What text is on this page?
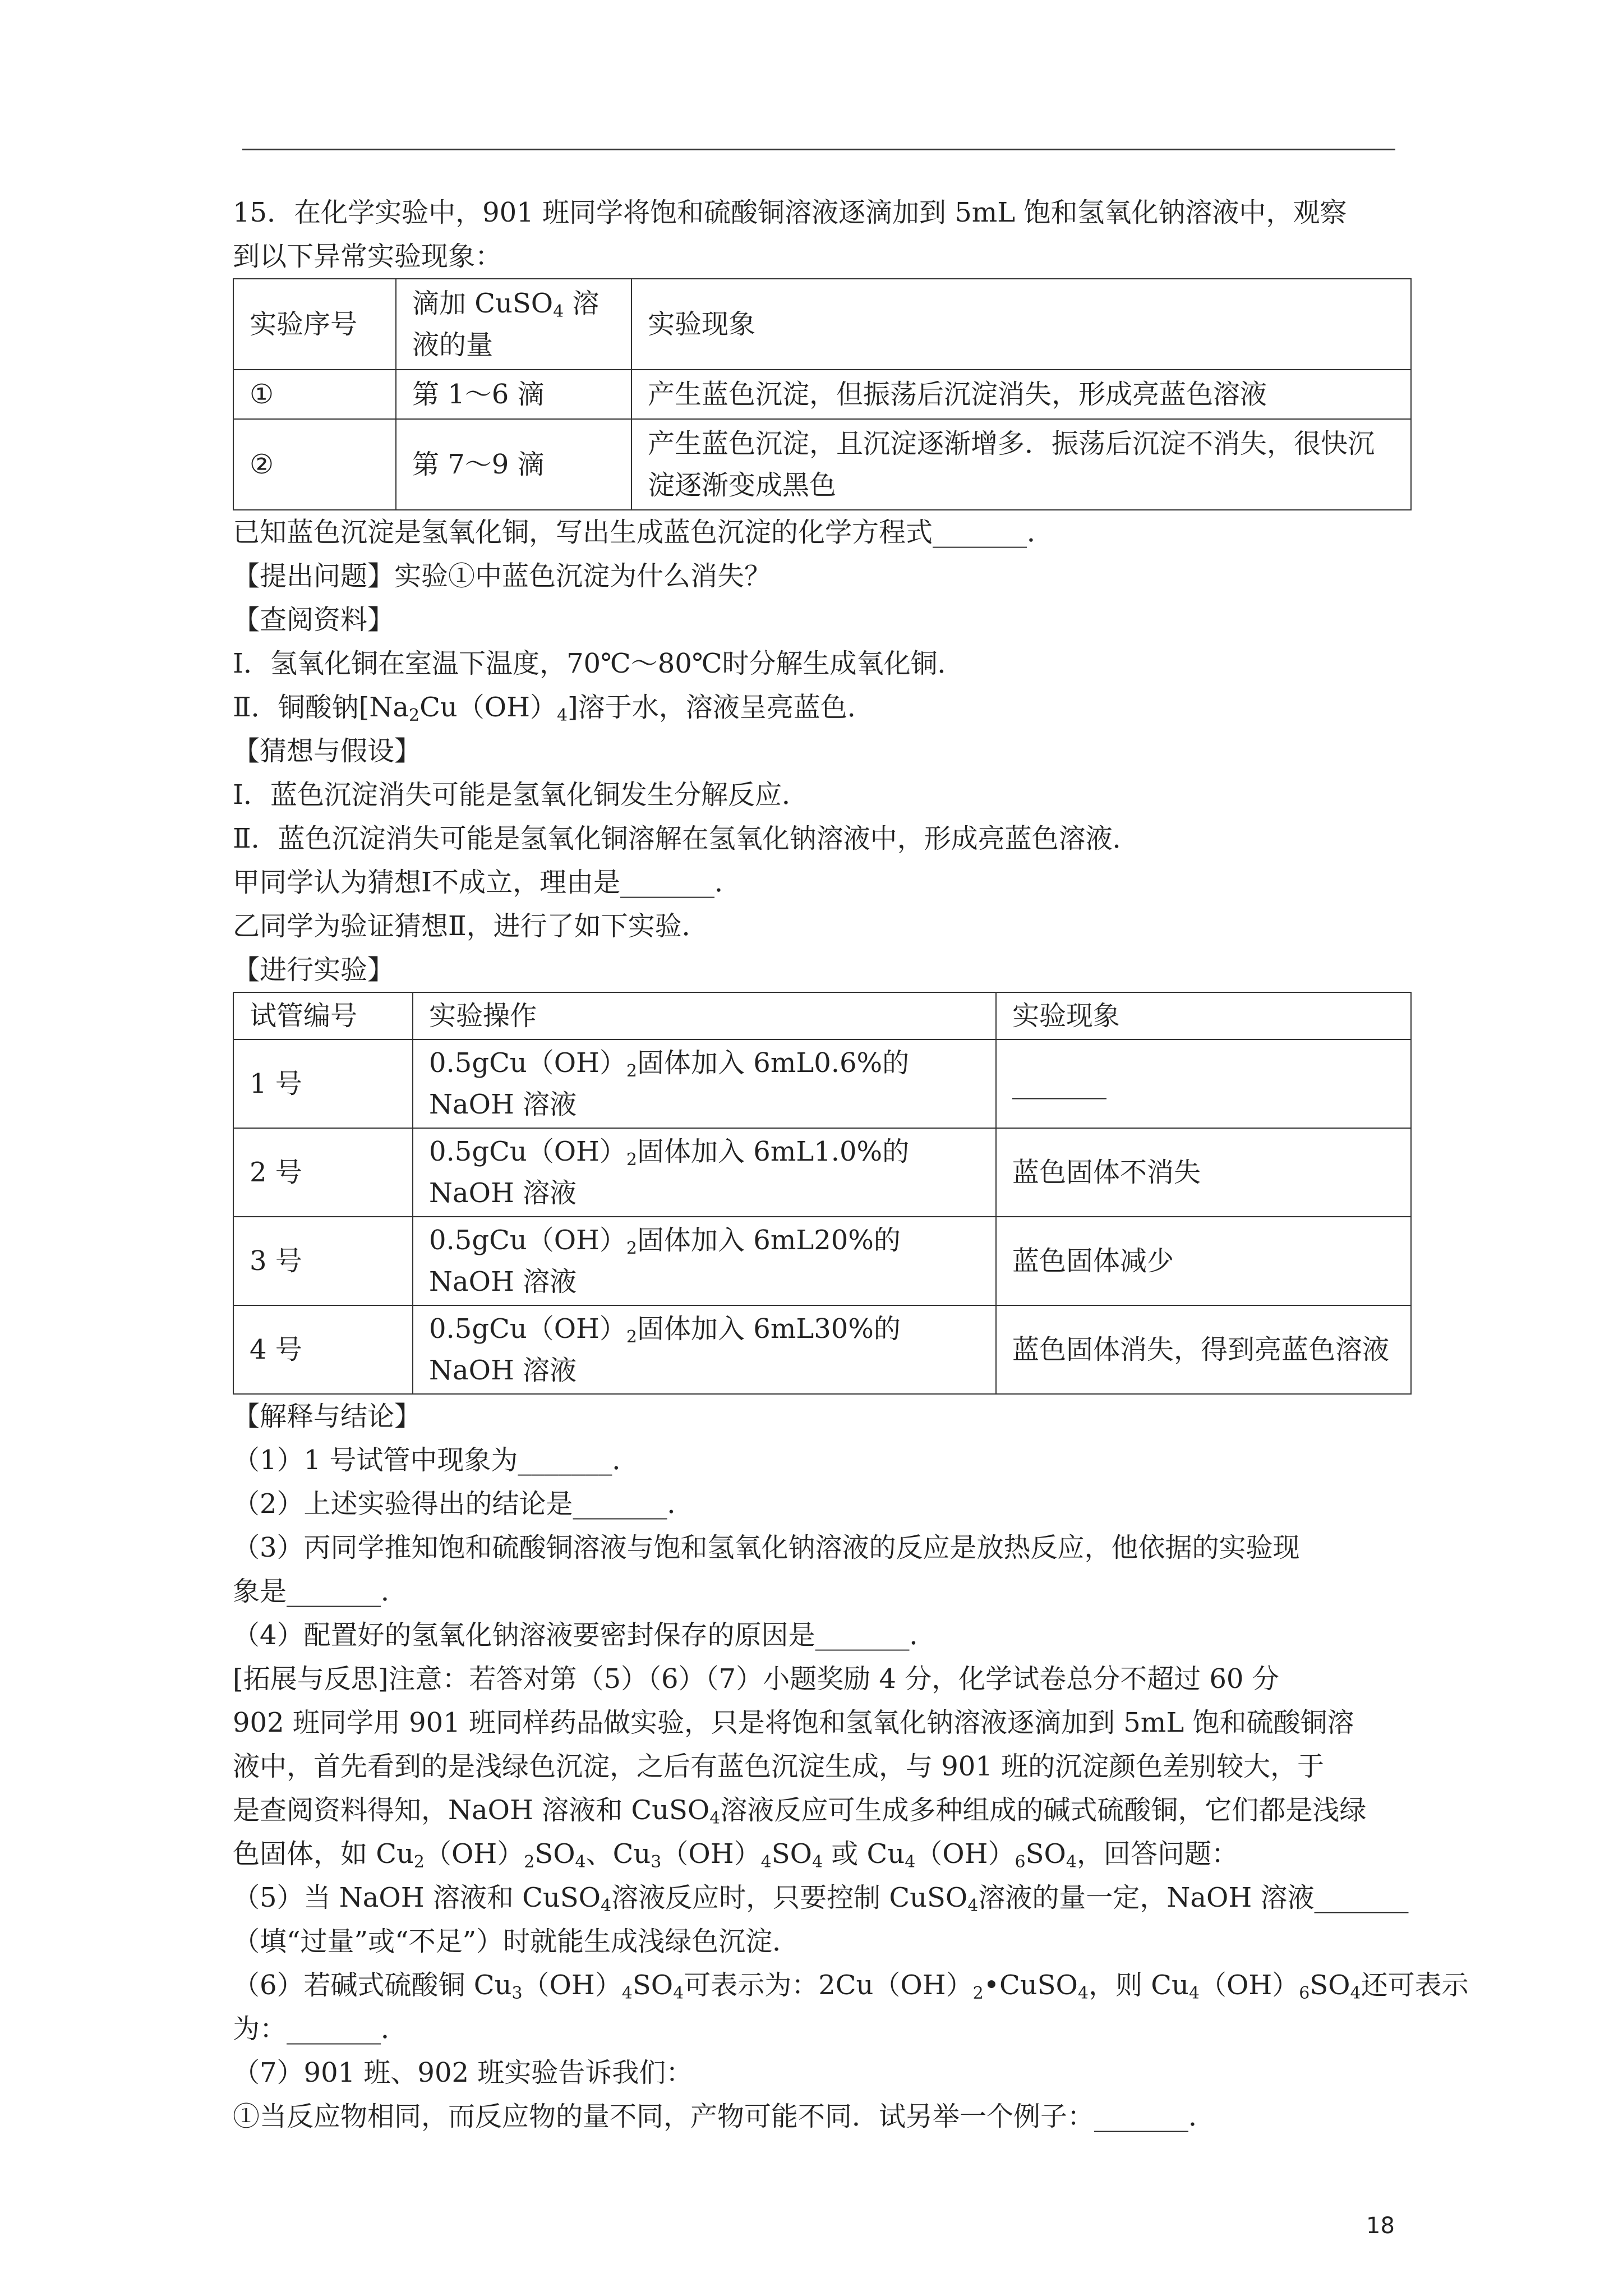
15．在化学实验中，901 班同学将饱和硫酸铜溶液逐滴加到 5mL 饱和氢氧化钠溶液中，观察
到以下异常实验现象：
实验序号	滴加 CuSO$_4$ 溶液的量	实验现象
①	第 1～6 滴	产生蓝色沉淀，但振荡后沉淀消失，形成亮蓝色溶液
②	第 7～9 滴	产生蓝色沉淀，且沉淀逐渐增多．振荡后沉淀不消失，很快沉淀逐渐变成黑色
已知蓝色沉淀是氢氧化铜，写出生成蓝色沉淀的化学方程式_______．
【提出问题】实验①中蓝色沉淀为什么消失？
【查阅资料】
Ⅰ．氢氧化铜在室温下温度，70℃～80℃时分解生成氧化铜．
Ⅱ．铜酸钠$[Na_2Cu(OH)_4]$溶于水，溶液呈亮蓝色．
【猜想与假设】
Ⅰ．蓝色沉淀消失可能是氢氧化铜发生分解反应．
Ⅱ．蓝色沉淀消失可能是氢氧化铜溶解在氢氧化钠溶液中，形成亮蓝色溶液．
甲同学认为猜想Ⅰ不成立，理由是_______．
乙同学为验证猜想Ⅱ，进行了如下实验．
【进行实验】
试管编号	实验操作	实验现象
1 号	$0.5gCu(OH)_2$固体加入 6mL0.6%的 NaOH 溶液	_______
2 号	$0.5gCu(OH)_2$固体加入 6mL1.0%的 NaOH 溶液	蓝色固体不消失
3 号	$0.5gCu(OH)_2$固体加入 6mL20%的 NaOH 溶液	蓝色固体减少
4 号	$0.5gCu(OH)_2$固体加入 6mL30%的 NaOH 溶液	蓝色固体消失，得到亮蓝色溶液
【解释与结论】
（1）1 号试管中现象为_______．
（2）上述实验得出的结论是_______．
（3）丙同学推知饱和硫酸铜溶液与饱和氢氧化钠溶液的反应是放热反应，他依据的实验现
象是_______．
（4）配置好的氢氧化钠溶液要密封保存的原因是_______．
[拓展与反思]注意：若答对第（5）（6）（7）小题奖励 4 分，化学试卷总分不超过 60 分
902 班同学用 901 班同样药品做实验，只是将饱和氢氧化钠溶液逐滴加到 5mL 饱和硫酸铜溶
液中，首先看到的是浅绿色沉淀，之后有蓝色沉淀生成，与 901 班的沉淀颜色差别较大，于
是查阅资料得知，NaOH 溶液和 CuSO$_4$溶液反应可生成多种组成的碱式硫酸铜，它们都是浅绿
色固体，如 $Cu_2(OH)_2SO_4$、$Cu_3(OH)_4SO_4$ 或 $Cu_4(OH)_6SO_4$，回答问题：
（5）当 NaOH 溶液和 CuSO$_4$溶液反应时，只要控制 CuSO$_4$溶液的量一定，NaOH 溶液_______
（填“过量”或“不足”）时就能生成浅绿色沉淀．
（6）若碱式硫酸铜 $Cu_3(OH)_4SO_4$可表示为：$2Cu(OH)_2•CuSO_4$，则 $Cu_4(OH)_6SO_4$还可表示
为：_______．
（7）901 班、902 班实验告诉我们：
①当反应物相同，而反应物的量不同，产物可能不同．试另举一个例子：_______．
18
